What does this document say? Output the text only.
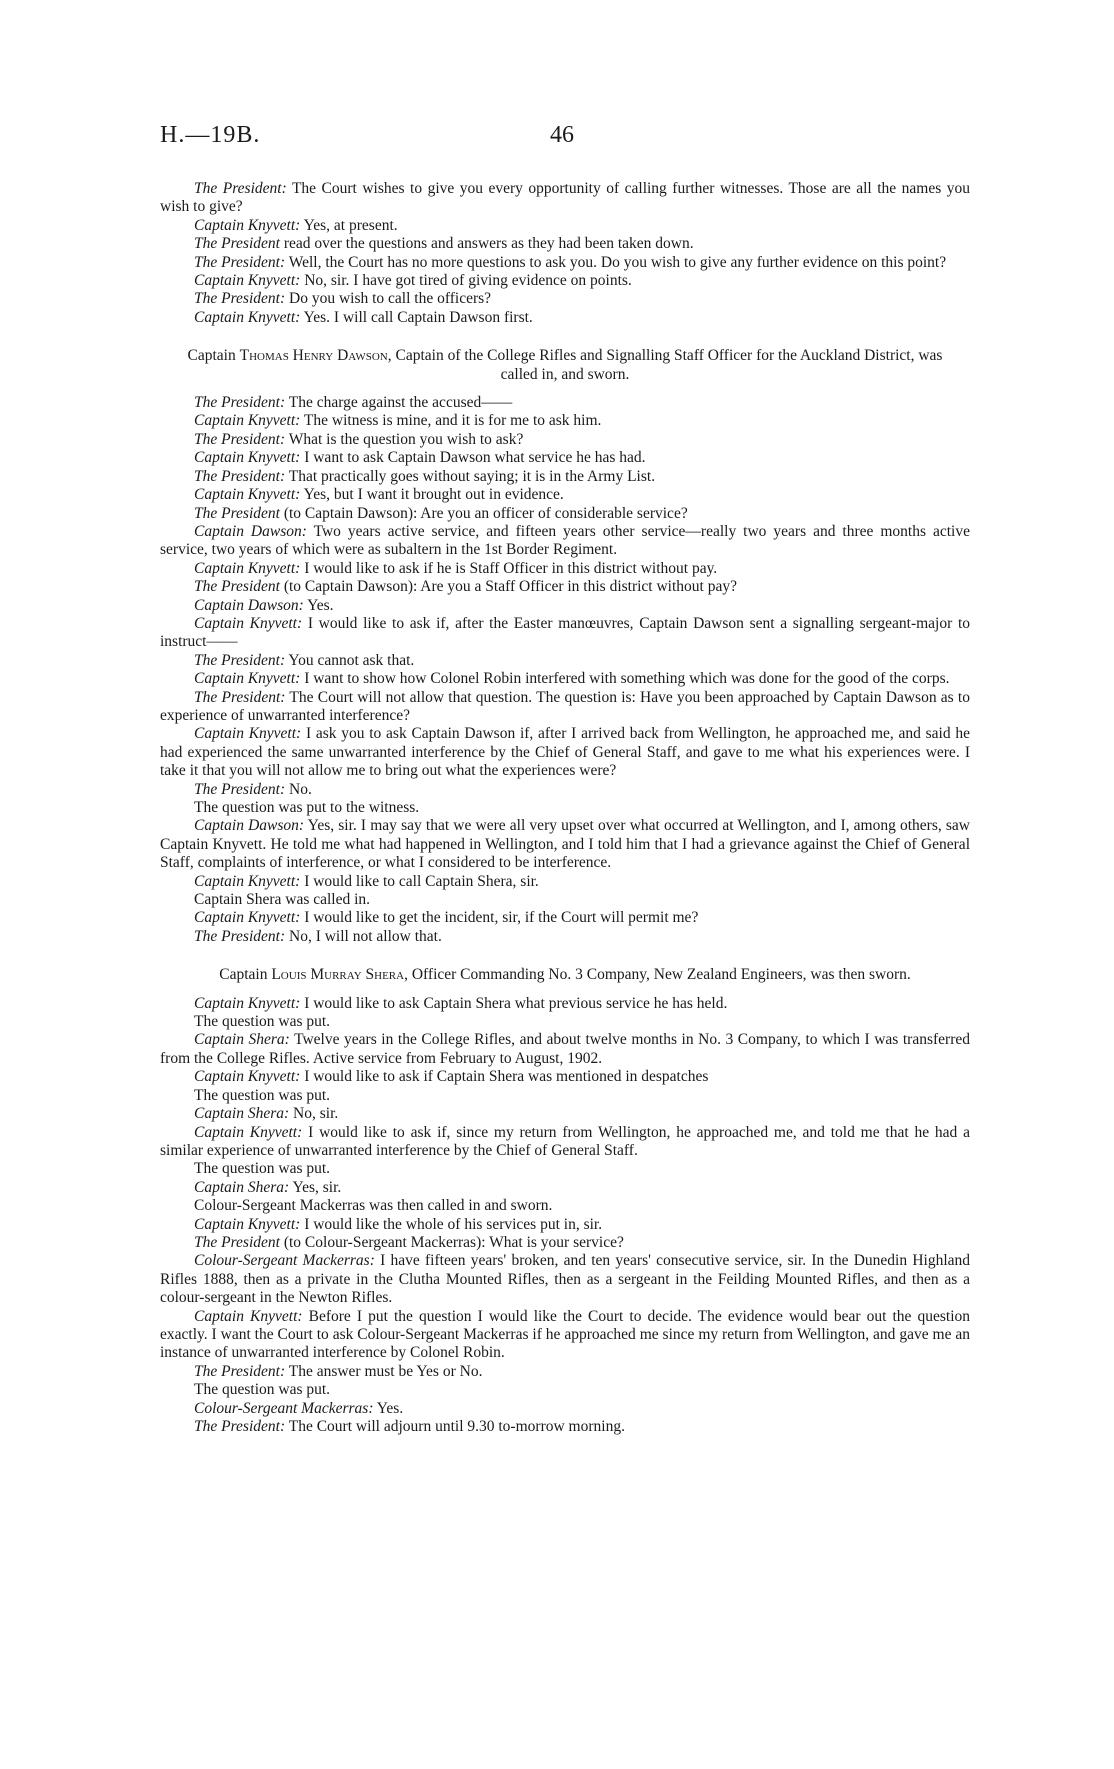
H.—19B.	46

The President: The Court wishes to give you every opportunity of calling further witnesses. Those are all the names you wish to give?

Captain Knyvett: Yes, at present.

The President read over the questions and answers as they had been taken down.

The President: Well, the Court has no more questions to ask you. Do you wish to give any further evidence on this point?

Captain Knyvett: No, sir. I have got tired of giving evidence on points.

The President: Do you wish to call the officers?

Captain Knyvett: Yes. I will call Captain Dawson first.

Captain Thomas Henry Dawson, Captain of the College Rifles and Signalling Staff Officer for the Auckland District, was called in, and sworn.

The President: The charge against the accused——

Captain Knyvett: The witness is mine, and it is for me to ask him.

The President: What is the question you wish to ask?

Captain Knyvett: I want to ask Captain Dawson what service he has had.

The President: That practically goes without saying; it is in the Army List.

Captain Knyvett: Yes, but I want it brought out in evidence.

The President (to Captain Dawson): Are you an officer of considerable service?

Captain Dawson: Two years active service, and fifteen years other service—really two years and three months active service, two years of which were as subaltern in the 1st Border Regiment.

Captain Knyvett: I would like to ask if he is Staff Officer in this district without pay.

The President (to Captain Dawson): Are you a Staff Officer in this district without pay?

Captain Dawson: Yes.

Captain Knyvett: I would like to ask if, after the Easter manœuvres, Captain Dawson sent a signalling sergeant-major to instruct——

The President: You cannot ask that.

Captain Knyvett: I want to show how Colonel Robin interfered with something which was done for the good of the corps.

The President: The Court will not allow that question. The question is: Have you been approached by Captain Dawson as to experience of unwarranted interference?

Captain Knyvett: I ask you to ask Captain Dawson if, after I arrived back from Wellington, he approached me, and said he had experienced the same unwarranted interference by the Chief of General Staff, and gave to me what his experiences were. I take it that you will not allow me to bring out what the experiences were?

The President: No.

The question was put to the witness.

Captain Dawson: Yes, sir. I may say that we were all very upset over what occurred at Wellington, and I, among others, saw Captain Knyvett. He told me what had happened in Wellington, and I told him that I had a grievance against the Chief of General Staff, complaints of interference, or what I considered to be interference.

Captain Knyvett: I would like to call Captain Shera, sir.

Captain Shera was called in.

Captain Knyvett: I would like to get the incident, sir, if the Court will permit me?

The President: No, I will not allow that.

Captain Louis Murray Shera, Officer Commanding No. 3 Company, New Zealand Engineers, was then sworn.

Captain Knyvett: I would like to ask Captain Shera what previous service he has held.

The question was put.

Captain Shera: Twelve years in the College Rifles, and about twelve months in No. 3 Company, to which I was transferred from the College Rifles. Active service from February to August, 1902.

Captain Knyvett: I would like to ask if Captain Shera was mentioned in despatches

The question was put.

Captain Shera: No, sir.

Captain Knyvett: I would like to ask if, since my return from Wellington, he approached me, and told me that he had a similar experience of unwarranted interference by the Chief of General Staff.

The question was put.

Captain Shera: Yes, sir.

Colour-Sergeant Mackerras was then called in and sworn.

Captain Knyvett: I would like the whole of his services put in, sir.

The President (to Colour-Sergeant Mackerras): What is your service?

Colour-Sergeant Mackerras: I have fifteen years' broken, and ten years' consecutive service, sir. In the Dunedin Highland Rifles 1888, then as a private in the Clutha Mounted Rifles, then as a sergeant in the Feilding Mounted Rifles, and then as a colour-sergeant in the Newton Rifles.

Captain Knyvett: Before I put the question I would like the Court to decide. The evidence would bear out the question exactly. I want the Court to ask Colour-Sergeant Mackerras if he approached me since my return from Wellington, and gave me an instance of unwarranted interference by Colonel Robin.

The President: The answer must be Yes or No.

The question was put.

Colour-Sergeant Mackerras: Yes.

The President: The Court will adjourn until 9.30 to-morrow morning.
